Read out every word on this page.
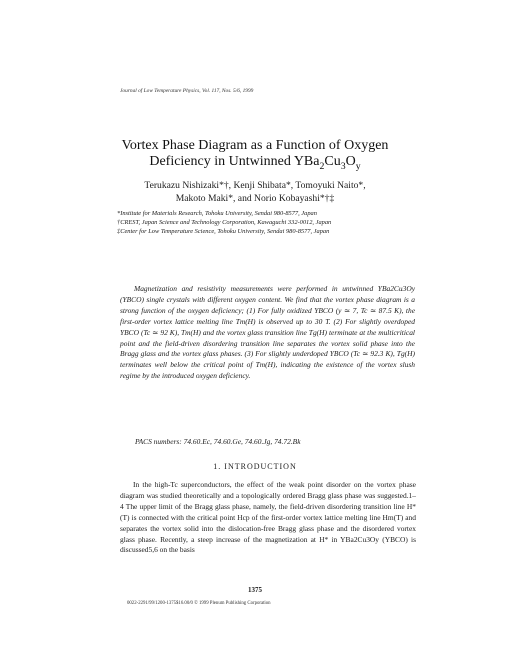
Journal of Low Temperature Physics, Vol. 117, Nos. 5/6, 1999
Vortex Phase Diagram as a Function of Oxygen
Deficiency in Untwinned $YBa_2Cu_3O_y$
Terukazu Nishizaki*†, Kenji Shibata*, Tomoyuki Naito*,
Makoto Maki*, and Norio Kobayashi*†‡
*Institute for Materials Research, Tohoku University, Sendai 980-8577, Japan
†CREST, Japan Science and Technology Corporation, Kawaguchi 332-0012, Japan
‡Center for Low Temperature Science, Tohoku University, Sendai 980-8577, Japan

Magnetization and resistivity measurements were performed in untwinned YBa2Cu3Oy (YBCO) single crystals with different oxygen content. We find that the vortex phase diagram is a strong function of the oxygen deficiency; (1) For fully oxidized YBCO (y ≃ 7, Tc ≃ 87.5 K), the first-order vortex lattice melting line Tm(H) is observed up to 30 T. (2) For slightly overdoped YBCO (Tc ≃ 92 K), Tm(H) and the vortex glass transition line Tg(H) terminate at the multicritical point and the field-driven disordering transition line separates the vortex solid phase into the Bragg glass and the vortex glass phases. (3) For slightly underdoped YBCO (Tc ≃ 92.3 K), Tg(H) terminates well below the critical point of Tm(H), indicating the existence of the vortex slush regime by the introduced oxygen deficiency.

PACS numbers: 74.60.Ec, 74.60.Ge, 74.60.Jg, 74.72.Bk
1. INTRODUCTION

In the high-Tc superconductors, the effect of the weak point disorder on the vortex phase diagram was studied theoretically and a topologically ordered Bragg glass phase was suggested.1–4 The upper limit of the Bragg glass phase, namely, the field-driven disordering transition line H*(T) is connected with the critical point Hcp of the first-order vortex lattice melting line Hm(T) and separates the vortex solid into the dislocation-free Bragg glass phase and the disordered vortex glass phase. Recently, a steep increase of the magnetization at H* in YBa2Cu3Oy (YBCO) is discussed5,6 on the basis

1375
0022-2291/99/1200-1375$16.00/0 © 1999 Plenum Publishing Corporation
